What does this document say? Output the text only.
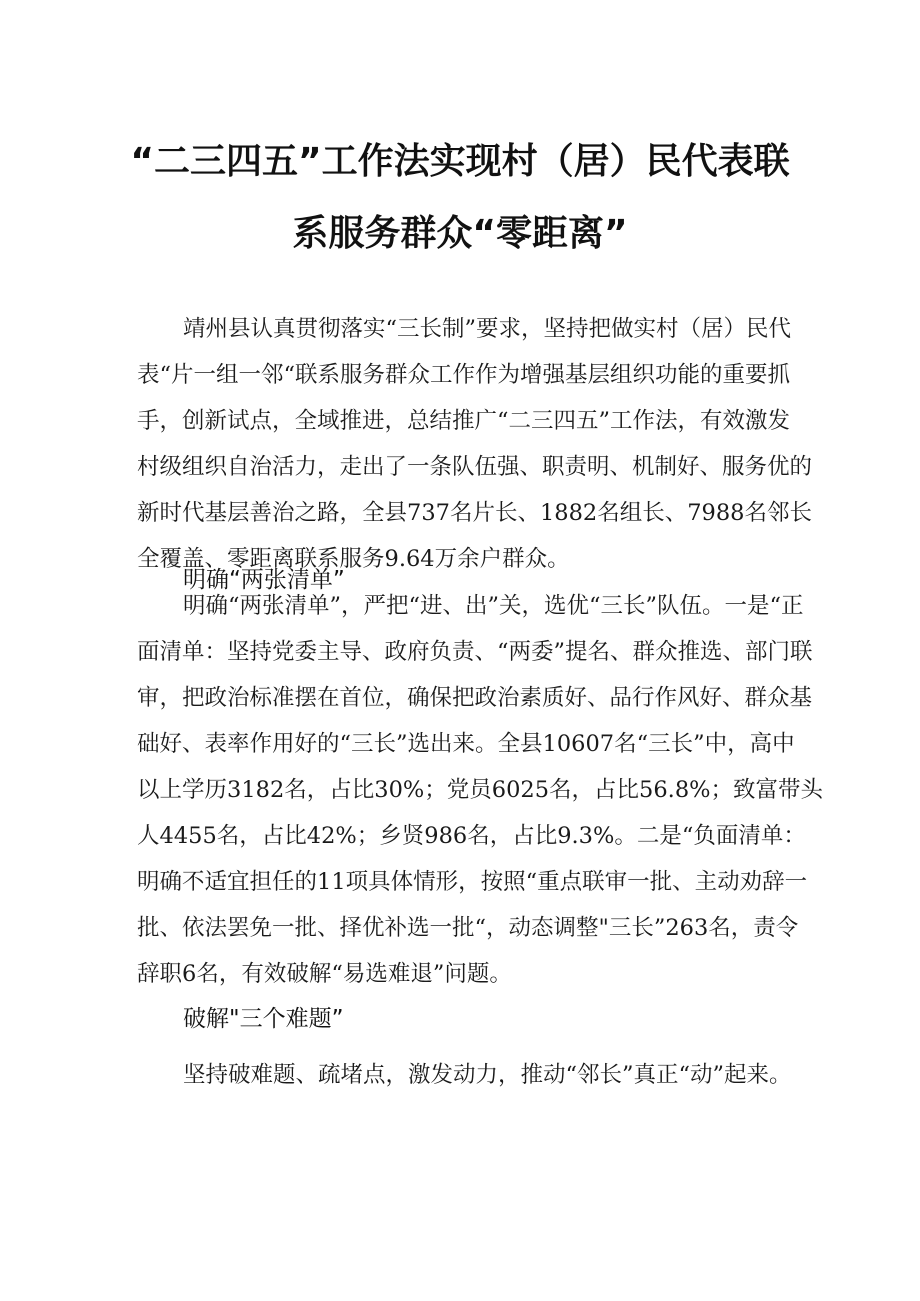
“二三四五”工作法实现村（居）民代表联
系服务群众“零距离”
靖州县认真贯彻落实“三长制”要求，坚持把做实村（居）民代
表“片一组一邻“联系服务群众工作作为增强基层组织功能的重要抓
手，创新试点，全域推进，总结推广“二三四五”工作法，有效激发
村级组织自治活力，走出了一条队伍强、职责明、机制好、服务优的
新时代基层善治之路，全县737名片长、1882名组长、7988名邻长
全覆盖、零距离联系服务9.64万余户群众。
明确“两张清单”
明确“两张清单”，严把“进、出”关，选优“三长”队伍。一是“正
面清单：坚持党委主导、政府负责、“两委”提名、群众推选、部门联
审，把政治标准摆在首位，确保把政治素质好、品行作风好、群众基
础好、表率作用好的“三长”选出来。全县10607名“三长”中，高中
以上学历3182名，占比30%；党员6025名，占比56.8%；致富带头
人4455名，占比42%；乡贤986名，占比9.3%。二是“负面清单：
明确不适宜担任的11项具体情形，按照“重点联审一批、主动劝辞一
批、依法罢免一批、择优补选一批“，动态调整"三长”263名，责令
辞职6名，有效破解“易选难退”问题。
破解"三个难题”
坚持破难题、疏堵点，激发动力，推动“邻长”真正“动”起来。
